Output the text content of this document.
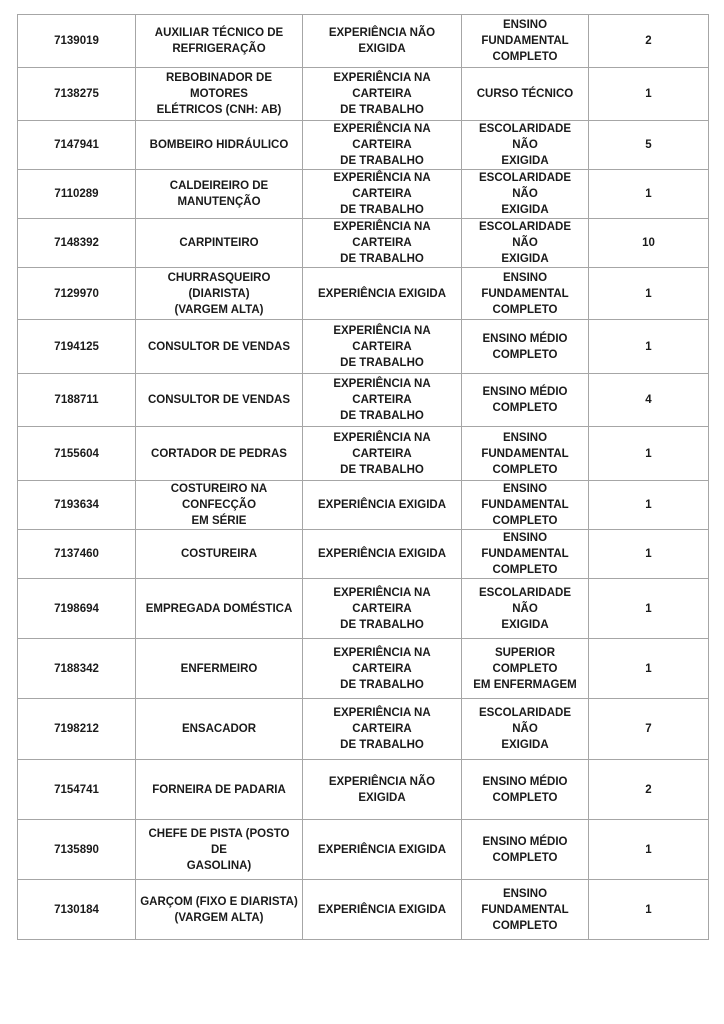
7139019	AUXILIAR TÉCNICO DE
REFRIGERAÇÃO	EXPERIÊNCIA NÃO EXIGIDA	ENSINO
FUNDAMENTAL
COMPLETO	2
7138275	REBOBINADOR DE MOTORES
ELÉTRICOS (CNH: AB)	EXPERIÊNCIA NA CARTEIRA
DE TRABALHO	CURSO TÉCNICO	1
7147941	BOMBEIRO HIDRÁULICO	EXPERIÊNCIA NA CARTEIRA
DE TRABALHO	ESCOLARIDADE NÃO
EXIGIDA	5
7110289	CALDEIREIRO DE
MANUTENÇÃO	EXPERIÊNCIA NA CARTEIRA
DE TRABALHO	ESCOLARIDADE NÃO
EXIGIDA	1
7148392	CARPINTEIRO	EXPERIÊNCIA NA CARTEIRA
DE TRABALHO	ESCOLARIDADE NÃO
EXIGIDA	10
7129970	CHURRASQUEIRO (DIARISTA)
(VARGEM ALTA)	EXPERIÊNCIA EXIGIDA	ENSINO
FUNDAMENTAL
COMPLETO	1
7194125	CONSULTOR DE VENDAS	EXPERIÊNCIA NA CARTEIRA
DE TRABALHO	ENSINO MÉDIO
COMPLETO	1
7188711	CONSULTOR DE VENDAS	EXPERIÊNCIA NA CARTEIRA
DE TRABALHO	ENSINO MÉDIO
COMPLETO	4
7155604	CORTADOR DE PEDRAS	EXPERIÊNCIA NA CARTEIRA
DE TRABALHO	ENSINO
FUNDAMENTAL
COMPLETO	1
7193634	COSTUREIRO NA CONFECÇÃO
EM SÉRIE	EXPERIÊNCIA EXIGIDA	ENSINO
FUNDAMENTAL
COMPLETO	1
7137460	COSTUREIRA	EXPERIÊNCIA EXIGIDA	ENSINO
FUNDAMENTAL
COMPLETO	1
7198694	EMPREGADA DOMÉSTICA	EXPERIÊNCIA NA CARTEIRA
DE TRABALHO	ESCOLARIDADE NÃO
EXIGIDA	1
7188342	ENFERMEIRO	EXPERIÊNCIA NA CARTEIRA
DE TRABALHO	SUPERIOR COMPLETO
EM ENFERMAGEM	1
7198212	ENSACADOR	EXPERIÊNCIA NA CARTEIRA
DE TRABALHO	ESCOLARIDADE NÃO
EXIGIDA	7
7154741	FORNEIRA DE PADARIA	EXPERIÊNCIA NÃO EXIGIDA	ENSINO MÉDIO
COMPLETO	2
7135890	CHEFE DE PISTA (POSTO DE
GASOLINA)	EXPERIÊNCIA EXIGIDA	ENSINO MÉDIO
COMPLETO	1
7130184	GARÇOM (FIXO E DIARISTA)
(VARGEM ALTA)	EXPERIÊNCIA EXIGIDA	ENSINO
FUNDAMENTAL
COMPLETO	1
